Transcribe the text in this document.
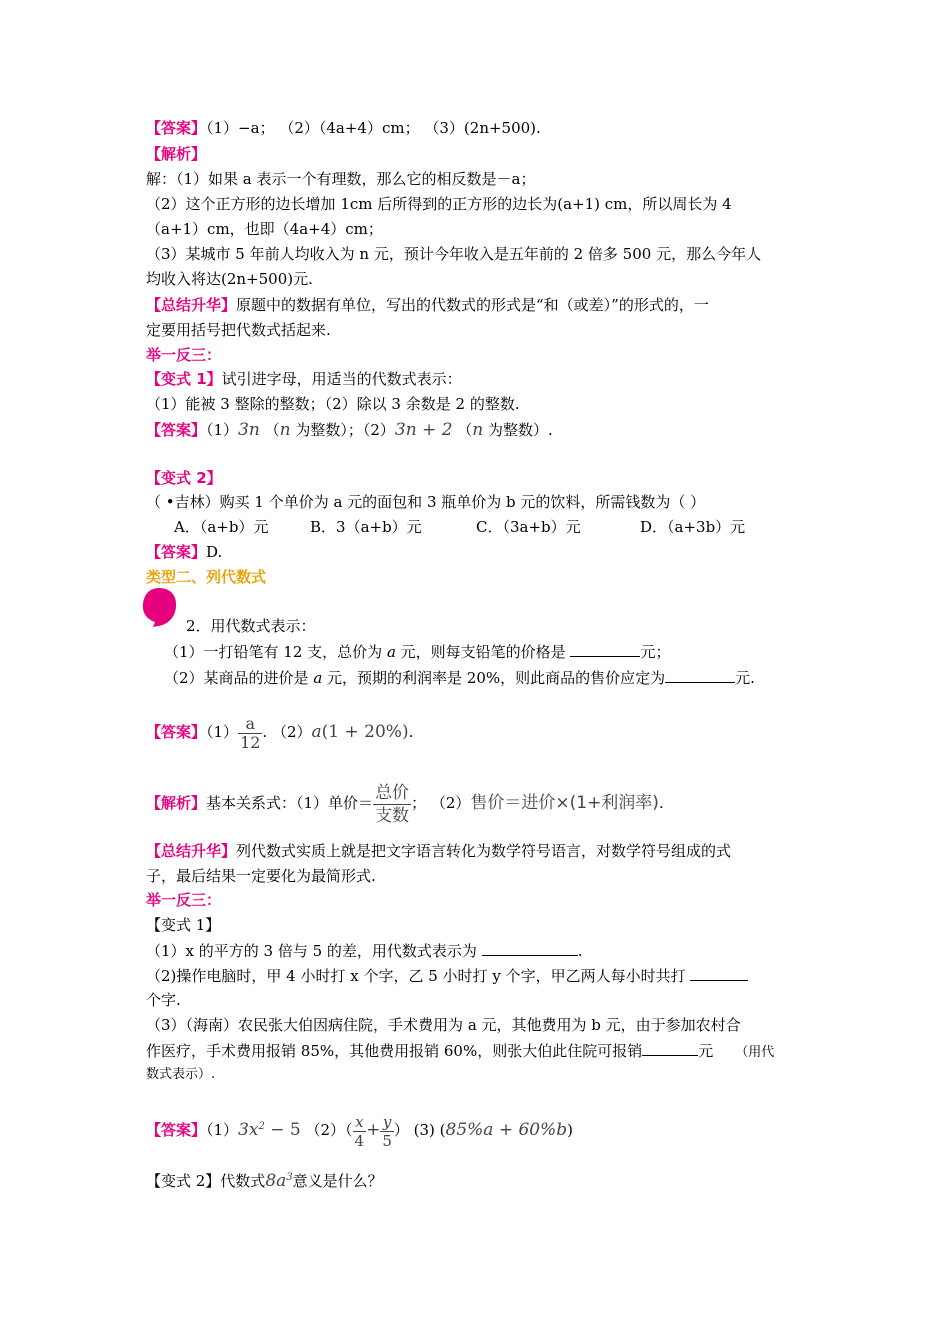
【答案】（1）−a； （2）（4a+4）cm； （3）(2n+500).
【解析】
解：（1）如果 a 表示一个有理数，那么它的相反数是－a；
（2）这个正方形的边长增加 1cm 后所得到的正方形的边长为(a+1) cm，所以周长为 4
（a+1）cm，也即（4a+4）cm；
（3）某城市 5 年前人均收入为 n 元，预计今年收入是五年前的 2 倍多 500 元，那么今年人
均收入将达(2n+500)元.
【总结升华】原题中的数据有单位，写出的代数式的形式是“和（或差）”的形式的，一
定要用括号把代数式括起来.
举一反三：
【变式 1】试引进字母，用适当的代数式表示：
（1）能被 3 整除的整数；（2）除以 3 余数是 2 的整数.
【答案】（1）3n （n 为整数）；（2）3n + 2 （n 为整数）.
【变式 2】
（ •吉林）购买 1 个单价为 a 元的面包和 3 瓶单价为 b 元的饮料，所需钱数为（ ）
A．（a+b）元	B．3（a+b）元	C．（3a+b）元	D．（a+3b）元
【答案】D.
类型二、列代数式
2．用代数式表示：
（1）一打铅笔有 12 支，总价为 a 元，则每支铅笔的价格是	元；
（2）某商品的进价是 a 元，预期的利润率是 20%，则此商品的售价应定为	元.
【答案】$(1) \frac{a}{12}$ . （2）a(1 + 20%).
【解析】基本关系式：（1）单价＝ $\frac{\text{总价}}{\text{支数}}$ ； （2）售价＝进价×(1+利润率).
【总结升华】列代数式实质上就是把文字语言转化为数学符号语言，对数学符号组成的式
子，最后结果一定要化为最简形式.
举一反三：
【变式 1】
（1）x 的平方的 3 倍与 5 的差，用代数式表示为	.
（2)操作电脑时，甲 4 小时打 x 个字，乙 5 小时打 y 个字，甲乙两人每小时共打
个字.
（3）（海南）农民张大伯因病住院，手术费用为 a 元，其他费用为 b 元，由于参加农村合
作医疗，手术费用报销 85%，其他费用报销 60%，则张大伯此住院可报销	元 （用代
数式表示）.
【答案】$(1)3x^2 - 5$ $(2)( \frac{x}{4} + \frac{y}{5}$ ） (3) (85%a + 60%b)
【变式 2】代数式$8a^3$意义是什么？
